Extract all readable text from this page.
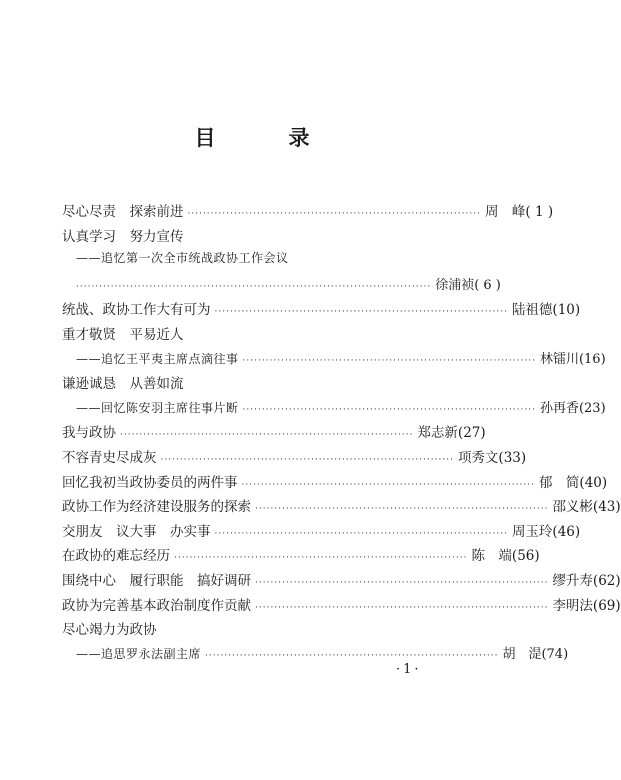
目　录
尽心尽责　探索前进 ············································································ 周　峰( 1 )
认真学习　努力宣传
——追忆第一次全市统战政协工作会议
···························································································· 徐浦祯( 6 )
统战、政协工作大有可为 ············································································ 陆祖德(10)
重才敬贤　平易近人
——追忆王平夷主席点滴往事 ············································································ 林镭川(16)
谦逊诚恳　从善如流
——回忆陈安羽主席往事片断 ············································································ 孙再香(23)
我与政协 ············································································ 郑志新(27)
不容青史尽成灰 ············································································ 项秀文(33)
回忆我初当政协委员的两件事 ············································································ 郁　简(40)
政协工作为经济建设服务的探索 ············································································ 邵义彬(43)
交朋友　议大事　办实事 ············································································ 周玉玲(46)
在政协的难忘经历 ············································································ 陈　端(56)
围绕中心　履行职能　搞好调研 ············································································ 缪升寿(62)
政协为完善基本政治制度作贡献 ············································································ 李明法(69)
尽心竭力为政协
——追思罗永法副主席 ············································································ 胡　湜(74)
·1·
